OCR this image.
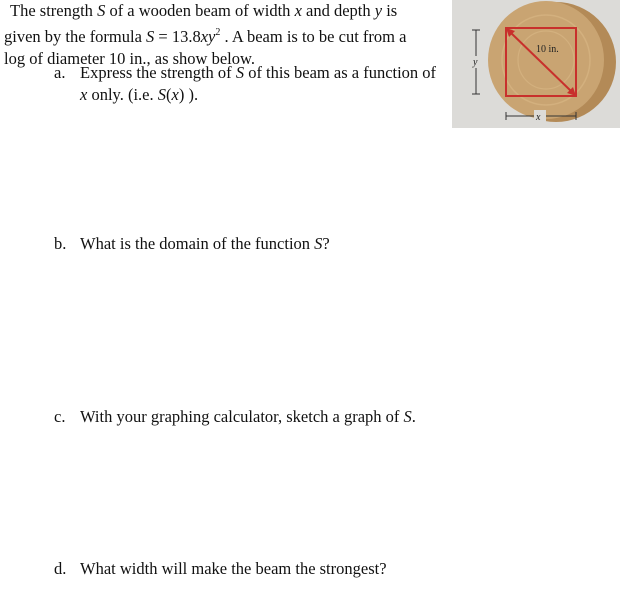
The strength S of a wooden beam of width x and depth y is
given by the formula $S = 13.8xy^2$ . A beam is to be cut from a
log of diameter 10 in., as show below.
a. Express the strength of S of this beam as a function of
x only. (i.e. S(x) ).
b. What is the domain of the function S?
c. With your graphing calculator, sketch a graph of S.
d. What width will make the beam the strongest?
10 in.
y
x
